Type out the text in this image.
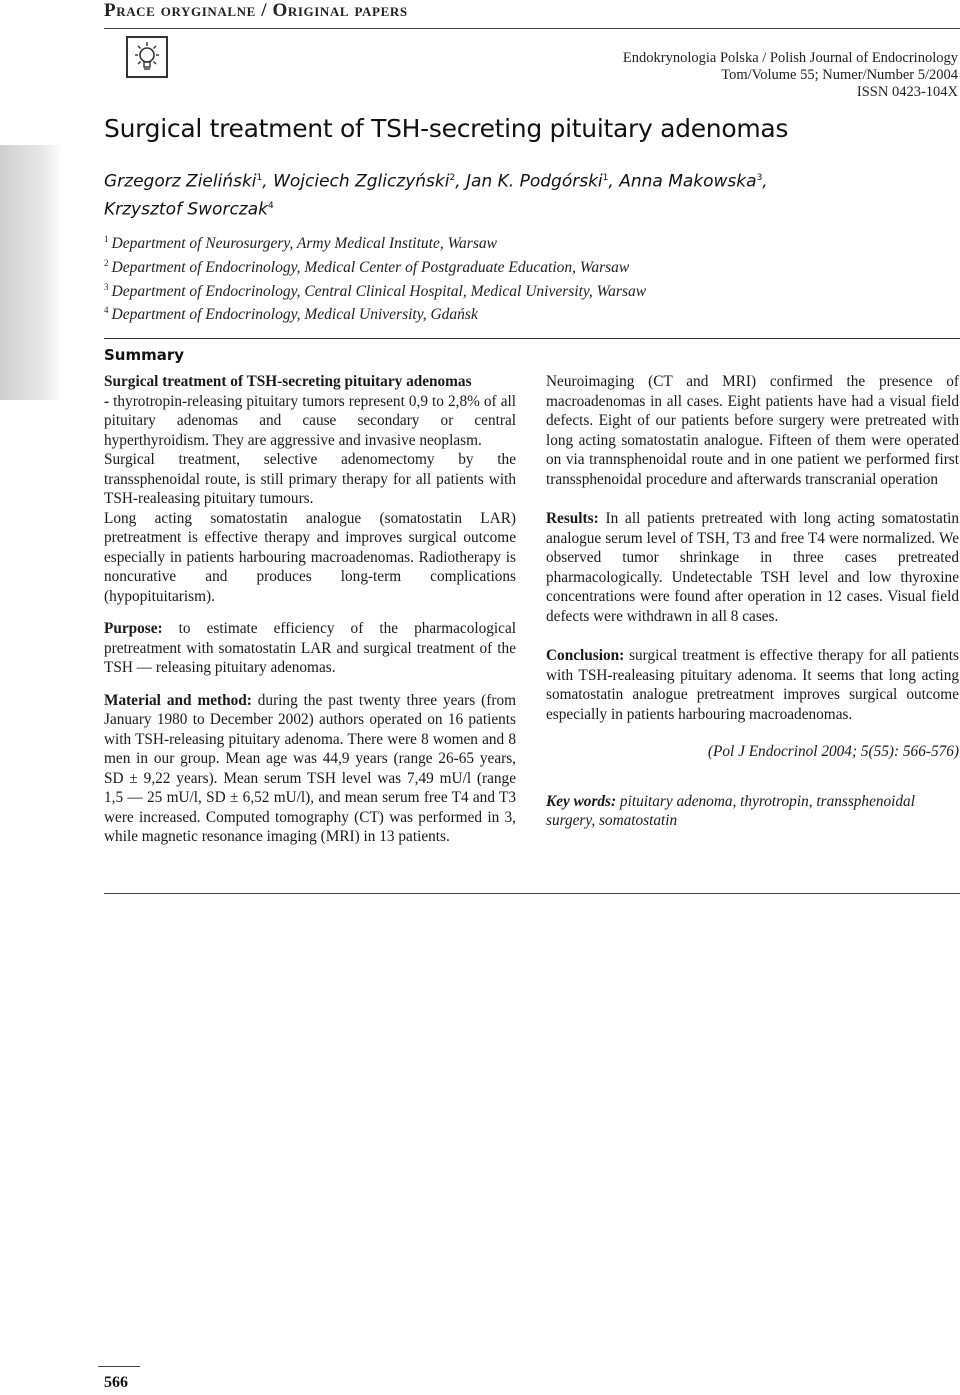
Prace oryginalne / Original papers
Endokrynologia Polska / Polish Journal of Endocrinology
Tom/Volume 55; Numer/Number 5/2004
ISSN 0423-104X
Surgical treatment of TSH-secreting pituitary adenomas
Grzegorz Zieliński$^1$, Wojciech Zgliczyński$^2$, Jan K. Podgórski$^1$, Anna Makowska$^3$,
Krzysztof Sworczak$^4$
$^1$ Department of Neurosurgery, Army Medical Institute, Warsaw
$^2$ Department of Endocrinology, Medical Center of Postgraduate Education, Warsaw
$^3$ Department of Endocrinology, Central Clinical Hospital, Medical University, Warsaw
$^4$ Department of Endocrinology, Medical University, Gdańsk
Summary

Surgical treatment of TSH-secreting pituitary adenomas
- thyrotropin-releasing pituitary tumors represent 0,9 to 2,8% of all pituitary adenomas and cause secondary or central hyperthyroidism. They are aggressive and invasive neoplasm.

Surgical treatment, selective adenomectomy by the transsphenoidal route, is still primary therapy for all patients with TSH-realeasing pituitary tumours.

Long acting somatostatin analogue (somatostatin LAR) pretreatment is effective therapy and improves surgical outcome especially in patients harbouring macroadenomas. Radiotherapy is noncurative and produces long-term complications (hypopituitarism).

Purpose: to estimate efficiency of the pharmacological pretreatment with somatostatin LAR and surgical treatment of the TSH — releasing pituitary adenomas.

Material and method: during the past twenty three years (from January 1980 to December 2002) authors operated on 16 patients with TSH-releasing pituitary adenoma. There were 8 women and 8 men in our group. Mean age was 44,9 years (range 26-65 years, SD ± 9,22 years). Mean serum TSH level was 7,49 mU/l (range 1,5 — 25 mU/l, SD ± 6,52 mU/l), and mean serum free T4 and T3 were increased. Computed tomography (CT) was performed in 3, while magnetic resonance imaging (MRI) in 13 patients.

Neuroimaging (CT and MRI) confirmed the presence of macroadenomas in all cases. Eight patients have had a visual field defects. Eight of our patients before surgery were pretreated with long acting somatostatin analogue. Fifteen of them were operated on via trannsphenoidal route and in one patient we performed first transsphenoidal procedure and afterwards transcranial operation

Results: In all patients pretreated with long acting somatostatin analogue serum level of TSH, T3 and free T4 were normalized. We observed tumor shrinkage in three cases pretreated pharmacologically. Undetectable TSH level and low thyroxine concentrations were found after operation in 12 cases. Visual field defects were withdrawn in all 8 cases.

Conclusion: surgical treatment is effective therapy for all patients with TSH-realeasing pituitary adenoma. It seems that long acting somatostatin analogue pretreatment improves surgical outcome especially in patients harbouring macroadenomas.

(Pol J Endocrinol 2004; 5(55): 566-576)

Key words: pituitary adenoma, thyrotropin, transsphenoidal surgery, somatostatin

566
